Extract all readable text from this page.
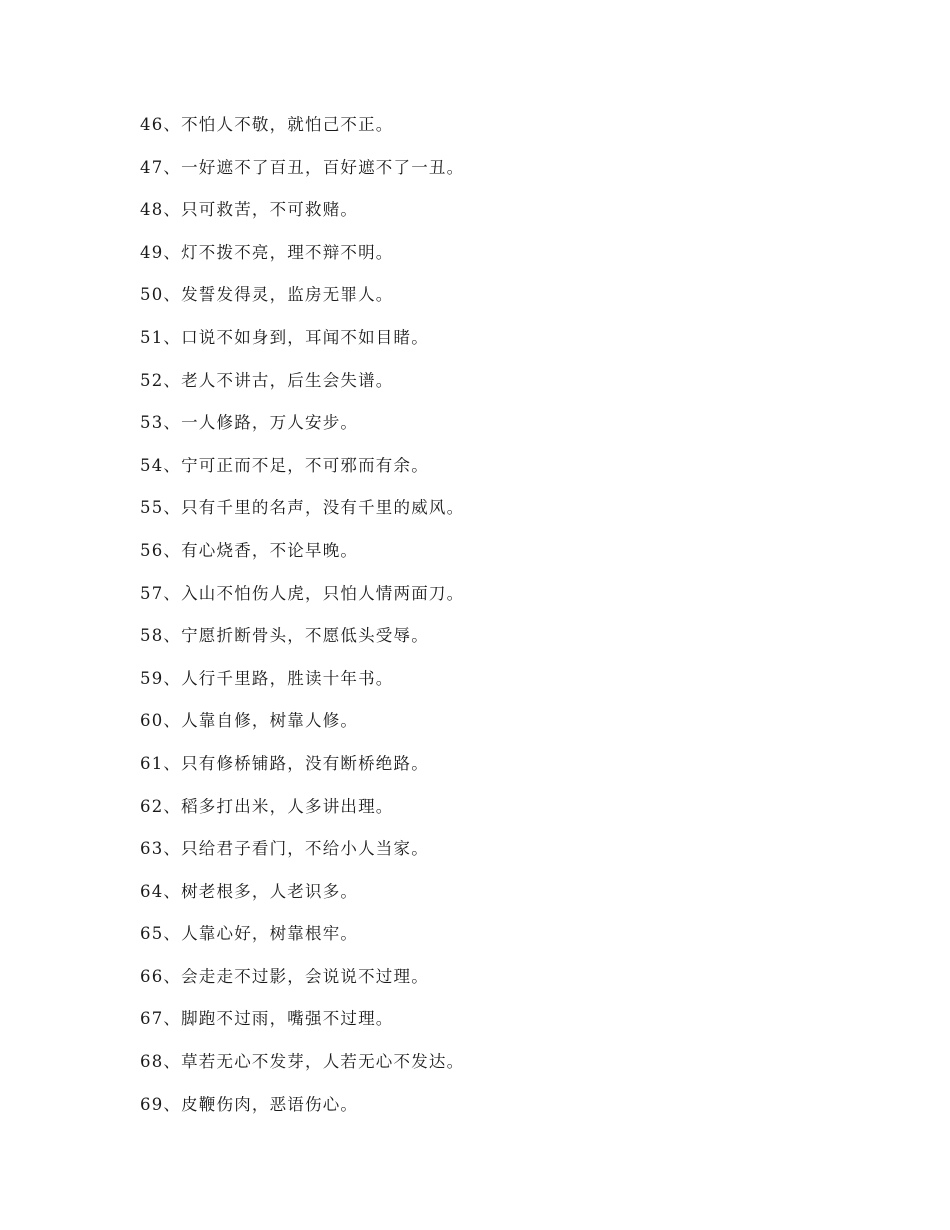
46、不怕人不敬，就怕己不正。
47、一好遮不了百丑，百好遮不了一丑。
48、只可救苦，不可救赌。
49、灯不拨不亮，理不辩不明。
50、发誓发得灵，监房无罪人。
51、口说不如身到，耳闻不如目睹。
52、老人不讲古，后生会失谱。
53、一人修路，万人安步。
54、宁可正而不足，不可邪而有余。
55、只有千里的名声，没有千里的威风。
56、有心烧香，不论早晚。
57、入山不怕伤人虎，只怕人情两面刀。
58、宁愿折断骨头，不愿低头受辱。
59、人行千里路，胜读十年书。
60、人靠自修，树靠人修。
61、只有修桥铺路，没有断桥绝路。
62、稻多打出米，人多讲出理。
63、只给君子看门，不给小人当家。
64、树老根多，人老识多。
65、人靠心好，树靠根牢。
66、会走走不过影，会说说不过理。
67、脚跑不过雨，嘴强不过理。
68、草若无心不发芽，人若无心不发达。
69、皮鞭伤肉，恶语伤心。
